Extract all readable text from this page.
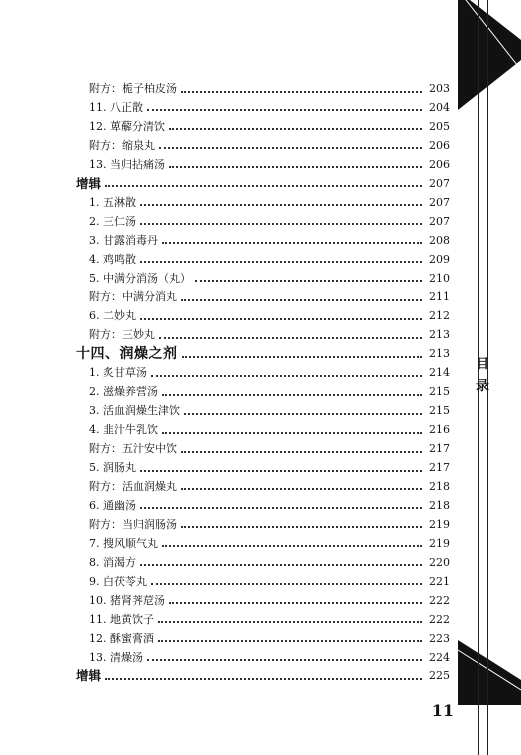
附方：栀子柏皮汤	203
11. 八正散	204
12. 萆薢分清饮	205
附方：缩泉丸	206
13. 当归拈痛汤	206
增辑	207
1. 五淋散	207
2. 三仁汤	207
3. 甘露消毒丹	208
4. 鸡鸣散	209
5. 中满分消汤（丸）	210
附方：中满分消丸	211
6. 二妙丸	212
附方：三妙丸	213
十四、润燥之剂	213
1. 炙甘草汤	214
2. 滋燥养营汤	215
3. 活血润燥生津饮	215
4. 韭汁牛乳饮	216
附方：五汁安中饮	217
5. 润肠丸	217
附方：活血润燥丸	218
6. 通幽汤	218
附方：当归润肠汤	219
7. 搜风顺气丸	219
8. 消渴方	220
9. 白茯苓丸	221
10. 猪肾荠苨汤	222
11. 地黄饮子	222
12. 酥蜜膏酒	223
13. 清燥汤	224
增辑	225
目
录
11
